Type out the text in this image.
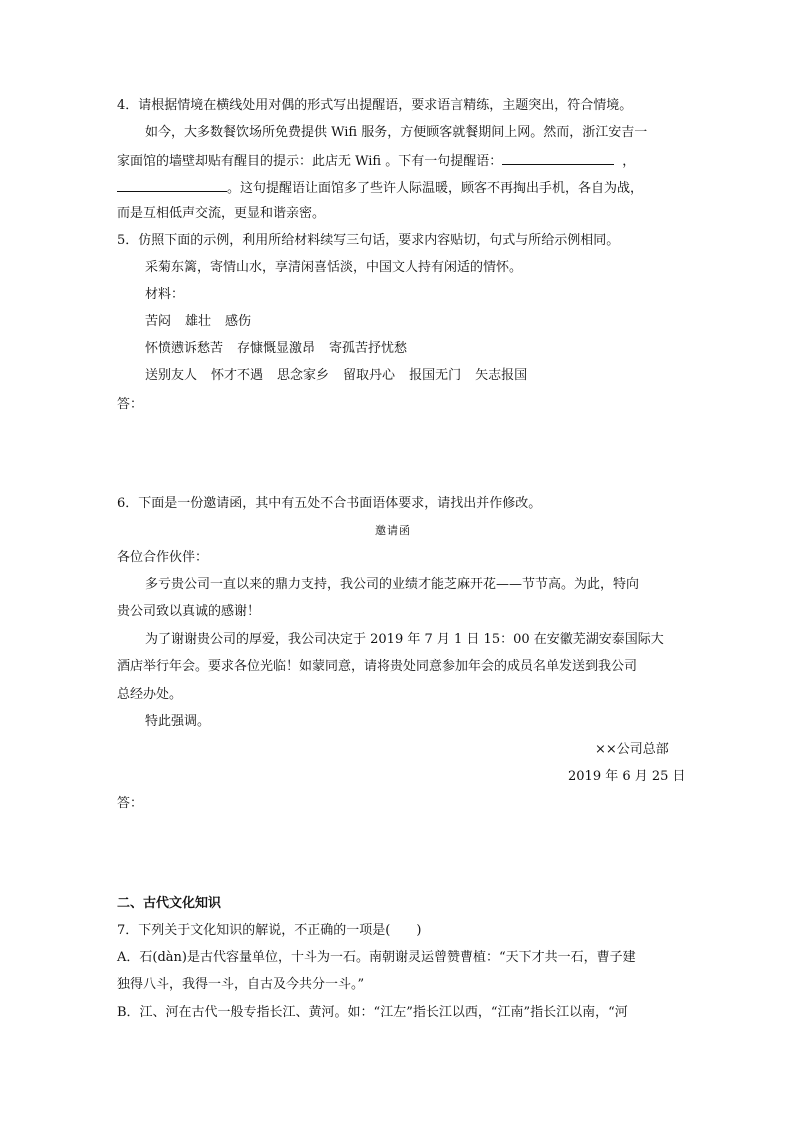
4．请根据情境在横线处用对偶的形式写出提醒语，要求语言精练，主题突出，符合情境。
如今，大多数餐饮场所免费提供 Wifi 服务，方便顾客就餐期间上网。然而，浙江安吉一
家面馆的墙壁却贴有醒目的提示：此店无 Wifi 。下有一句提醒语：	，
。这句提醒语让面馆多了些许人际温暖，顾客不再掏出手机，各自为战，
而是互相低声交流，更显和谐亲密。
5．仿照下面的示例，利用所给材料续写三句话，要求内容贴切，句式与所给示例相同。
采菊东篱，寄情山水，享清闲喜恬淡，中国文人持有闲适的情怀。
材料：
苦闷 雄壮 感伤
怀愤懑诉愁苦 存慷慨显激昂 寄孤苦抒忧愁
送别友人 怀才不遇 思念家乡 留取丹心 报国无门 矢志报国
答：
6．下面是一份邀请函，其中有五处不合书面语体要求，请找出并作修改。
邀请函
各位合作伙伴：
多亏贵公司一直以来的鼎力支持，我公司的业绩才能芝麻开花——节节高。为此，特向
贵公司致以真诚的感谢！
为了谢谢贵公司的厚爱，我公司决定于 2019 年 7 月 1 日 15：00 在安徽芜湖安泰国际大
酒店举行年会。要求各位光临！如蒙同意，请将贵处同意参加年会的成员名单发送到我公司
总经办处。
特此强调。
××公司总部
2019 年 6 月 25 日
答：
二、古代文化知识
7．下列关于文化知识的解说，不正确的一项是(　　)
A．石(dàn)是古代容量单位，十斗为一石。南朝谢灵运曾赞曹植：“天下才共一石，曹子建
独得八斗，我得一斗，自古及今共分一斗。”
B．江、河在古代一般专指长江、黄河。如：“江左”指长江以西，“江南”指长江以南，“河
